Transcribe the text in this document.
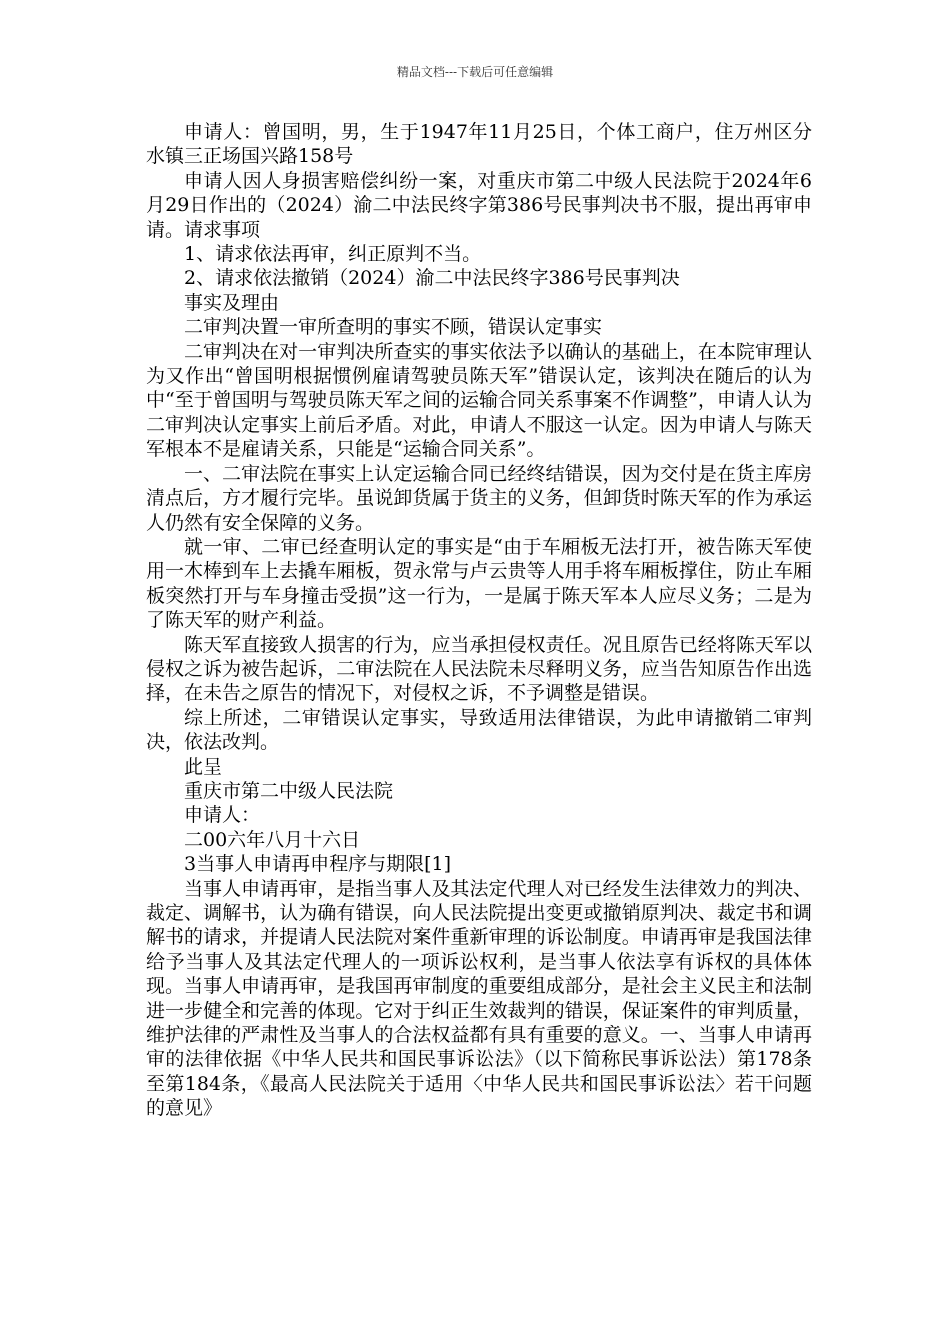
精品文档---下载后可任意编辑

申请人：曾国明，男，生于1947年11月25日，个体工商户，住万州区分水镇三正场国兴路158号

申请人因人身损害赔偿纠纷一案，对重庆市第二中级人民法院于2024年6月29日作出的（2024）渝二中法民终字第386号民事判决书不服，提出再审申请。请求事项

1、请求依法再审，纠正原判不当。

2、请求依法撤销（2024）渝二中法民终字386号民事判决

事实及理由

二审判决置一审所查明的事实不顾，错误认定事实

二审判决在对一审判决所查实的事实依法予以确认的基础上，在本院审理认为又作出“曾国明根据惯例雇请驾驶员陈天军”错误认定，该判决在随后的认为中“至于曾国明与驾驶员陈天军之间的运输合同关系事案不作调整”，申请人认为二审判决认定事实上前后矛盾。对此，申请人不服这一认定。因为申请人与陈天军根本不是雇请关系，只能是“运输合同关系”。

一、二审法院在事实上认定运输合同已经终结错误，因为交付是在货主库房清点后，方才履行完毕。虽说卸货属于货主的义务，但卸货时陈天军的作为承运人仍然有安全保障的义务。

就一审、二审已经查明认定的事实是“由于车厢板无法打开，被告陈天军使用一木棒到车上去撬车厢板，贺永常与卢云贵等人用手将车厢板撑住，防止车厢板突然打开与车身撞击受损”这一行为，一是属于陈天军本人应尽义务；二是为了陈天军的财产利益。

陈天军直接致人损害的行为，应当承担侵权责任。况且原告已经将陈天军以侵权之诉为被告起诉，二审法院在人民法院未尽释明义务，应当告知原告作出选择，在未告之原告的情况下，对侵权之诉，不予调整是错误。

综上所述，二审错误认定事实，导致适用法律错误，为此申请撤销二审判决，依法改判。

此呈

重庆市第二中级人民法院

申请人：

二00六年八月十六日

3当事人申请再申程序与期限[1]

当事人申请再审，是指当事人及其法定代理人对已经发生法律效力的判决、裁定、调解书，认为确有错误，向人民法院提出变更或撤销原判决、裁定书和调解书的请求，并提请人民法院对案件重新审理的诉讼制度。申请再审是我国法律给予当事人及其法定代理人的一项诉讼权利，是当事人依法享有诉权的具体体现。当事人申请再审，是我国再审制度的重要组成部分，是社会主义民主和法制进一步健全和完善的体现。它对于纠正生效裁判的错误，保证案件的审判质量，维护法律的严肃性及当事人的合法权益都有具有重要的意义。一、当事人申请再审的法律依据《中华人民共和国民事诉讼法》（以下简称民事诉讼法）第178条至第184条，《最高人民法院关于适用〈中华人民共和国民事诉讼法〉若干问题的意见》
